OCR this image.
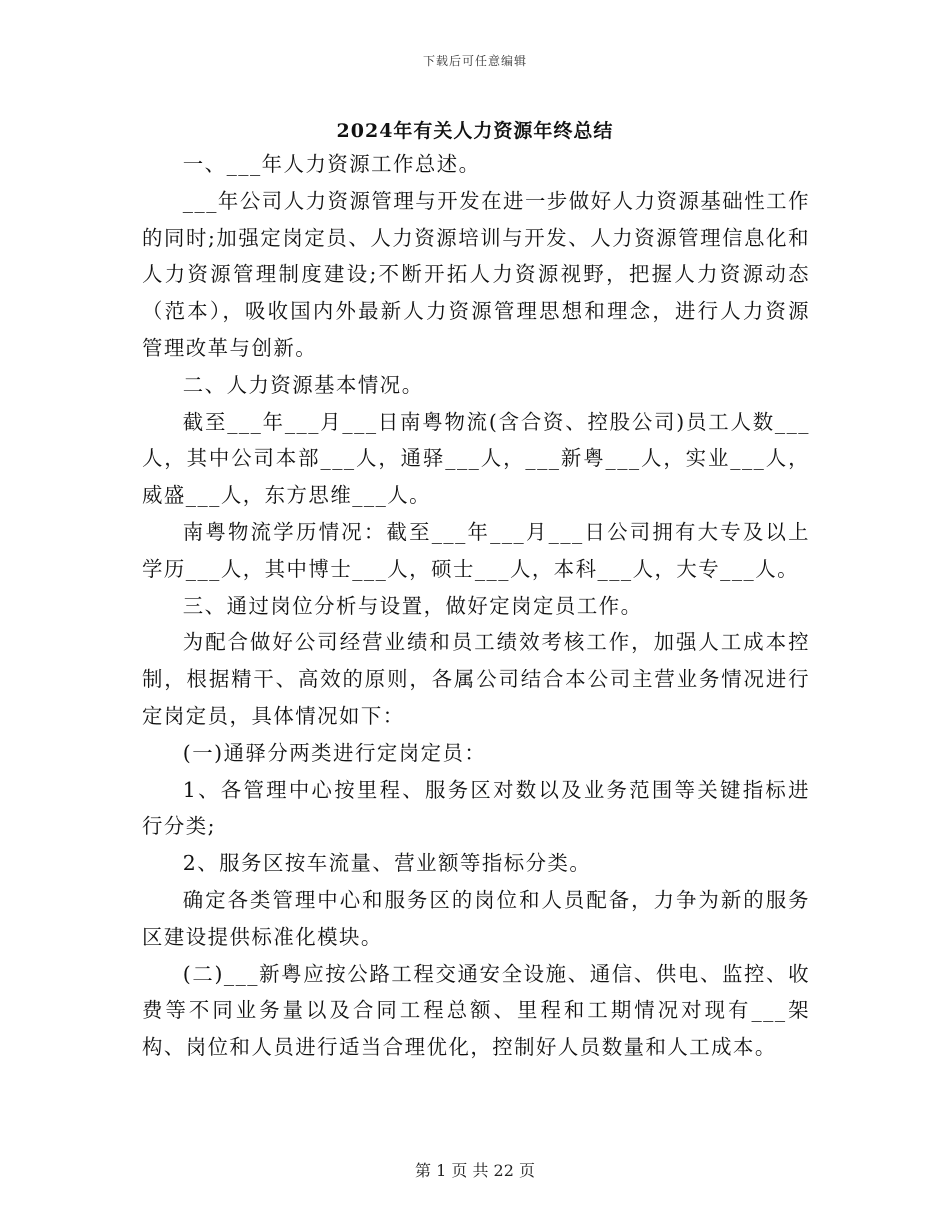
下载后可任意编辑
2024年有关人力资源年终总结

一、___年人力资源工作总述。

___年公司人力资源管理与开发在进一步做好人力资源基础性工作的同时;加强定岗定员、人力资源培训与开发、人力资源管理信息化和人力资源管理制度建设;不断开拓人力资源视野，把握人力资源动态（范本），吸收国内外最新人力资源管理思想和理念，进行人力资源管理改革与创新。

二、人力资源基本情况。

截至___年___月___日南粤物流(含合资、控股公司)员工人数___人，其中公司本部___人，通驿___人，___新粤___人，实业___人，威盛___人，东方思维___人。

南粤物流学历情况：截至___年___月___日公司拥有大专及以上学历___人，其中博士___人，硕士___人，本科___人，大专___人。

三、通过岗位分析与设置，做好定岗定员工作。

为配合做好公司经营业绩和员工绩效考核工作，加强人工成本控制，根据精干、高效的原则，各属公司结合本公司主营业务情况进行定岗定员，具体情况如下：

(一)通驿分两类进行定岗定员：

1、各管理中心按里程、服务区对数以及业务范围等关键指标进行分类;

2、服务区按车流量、营业额等指标分类。

确定各类管理中心和服务区的岗位和人员配备，力争为新的服务区建设提供标准化模块。

(二)___新粤应按公路工程交通安全设施、通信、供电、监控、收费等不同业务量以及合同工程总额、里程和工期情况对现有___架构、岗位和人员进行适当合理优化，控制好人员数量和人工成本。

第 1 页 共 22 页
